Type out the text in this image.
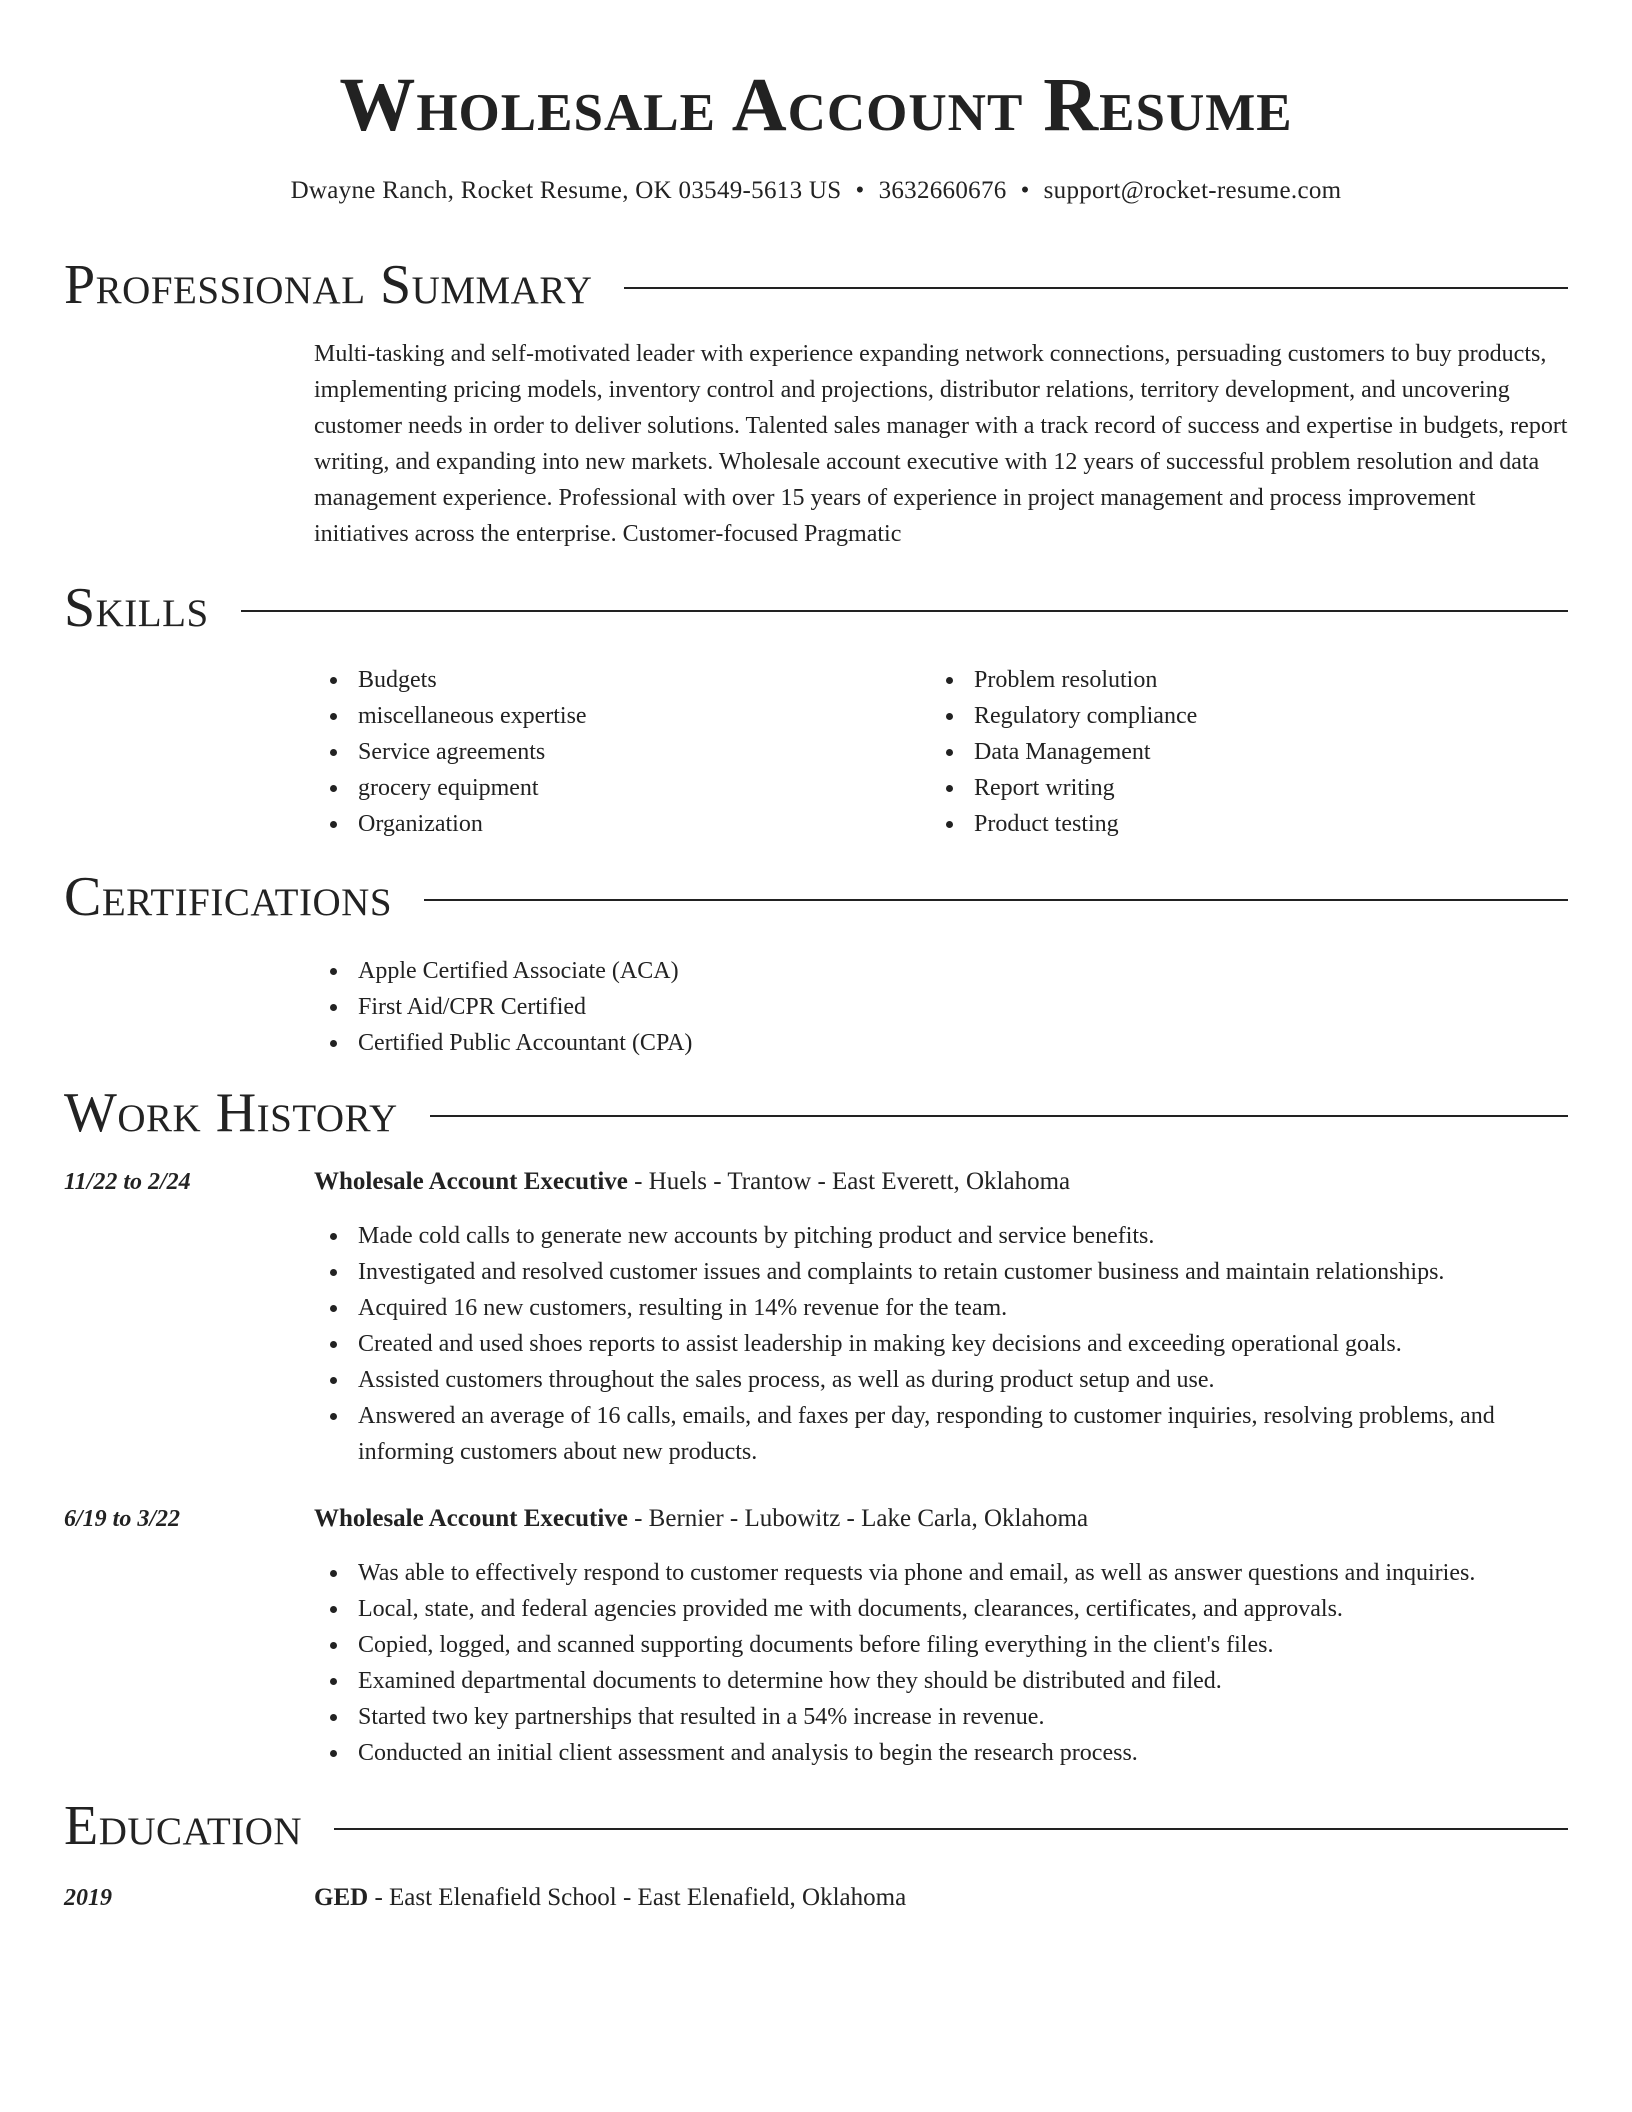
Wholesale Account Resume
Dwayne Ranch, Rocket Resume, OK 03549-5613 US • 3632660676 • support@rocket-resume.com
Professional Summary

Multi-tasking and self-motivated leader with experience expanding network connections, persuading customers to buy products, implementing pricing models, inventory control and projections, distributor relations, territory development, and uncovering customer needs in order to deliver solutions. Talented sales manager with a track record of success and expertise in budgets, report writing, and expanding into new markets. Wholesale account executive with 12 years of successful problem resolution and data management experience. Professional with over 15 years of experience in project management and process improvement initiatives across the enterprise. Customer-focused Pragmatic

Skills
Budgets
miscellaneous expertise
Service agreements
grocery equipment
Organization
Problem resolution
Regulatory compliance
Data Management
Report writing
Product testing
Certifications
Apple Certified Associate (ACA)
First Aid/CPR Certified
Certified Public Accountant (CPA)
Work History
11/22 to 2/24	Wholesale Account Executive - Huels - Trantow - East Everett, Oklahoma
Made cold calls to generate new accounts by pitching product and service benefits.
Investigated and resolved customer issues and complaints to retain customer business and maintain relationships.
Acquired 16 new customers, resulting in 14% revenue for the team.
Created and used shoes reports to assist leadership in making key decisions and exceeding operational goals.
Assisted customers throughout the sales process, as well as during product setup and use.
Answered an average of 16 calls, emails, and faxes per day, responding to customer inquiries, resolving problems, and informing customers about new products.
6/19 to 3/22	Wholesale Account Executive - Bernier - Lubowitz - Lake Carla, Oklahoma
Was able to effectively respond to customer requests via phone and email, as well as answer questions and inquiries.
Local, state, and federal agencies provided me with documents, clearances, certificates, and approvals.
Copied, logged, and scanned supporting documents before filing everything in the client's files.
Examined departmental documents to determine how they should be distributed and filed.
Started two key partnerships that resulted in a 54% increase in revenue.
Conducted an initial client assessment and analysis to begin the research process.
Education
2019	GED - East Elenafield School - East Elenafield, Oklahoma
